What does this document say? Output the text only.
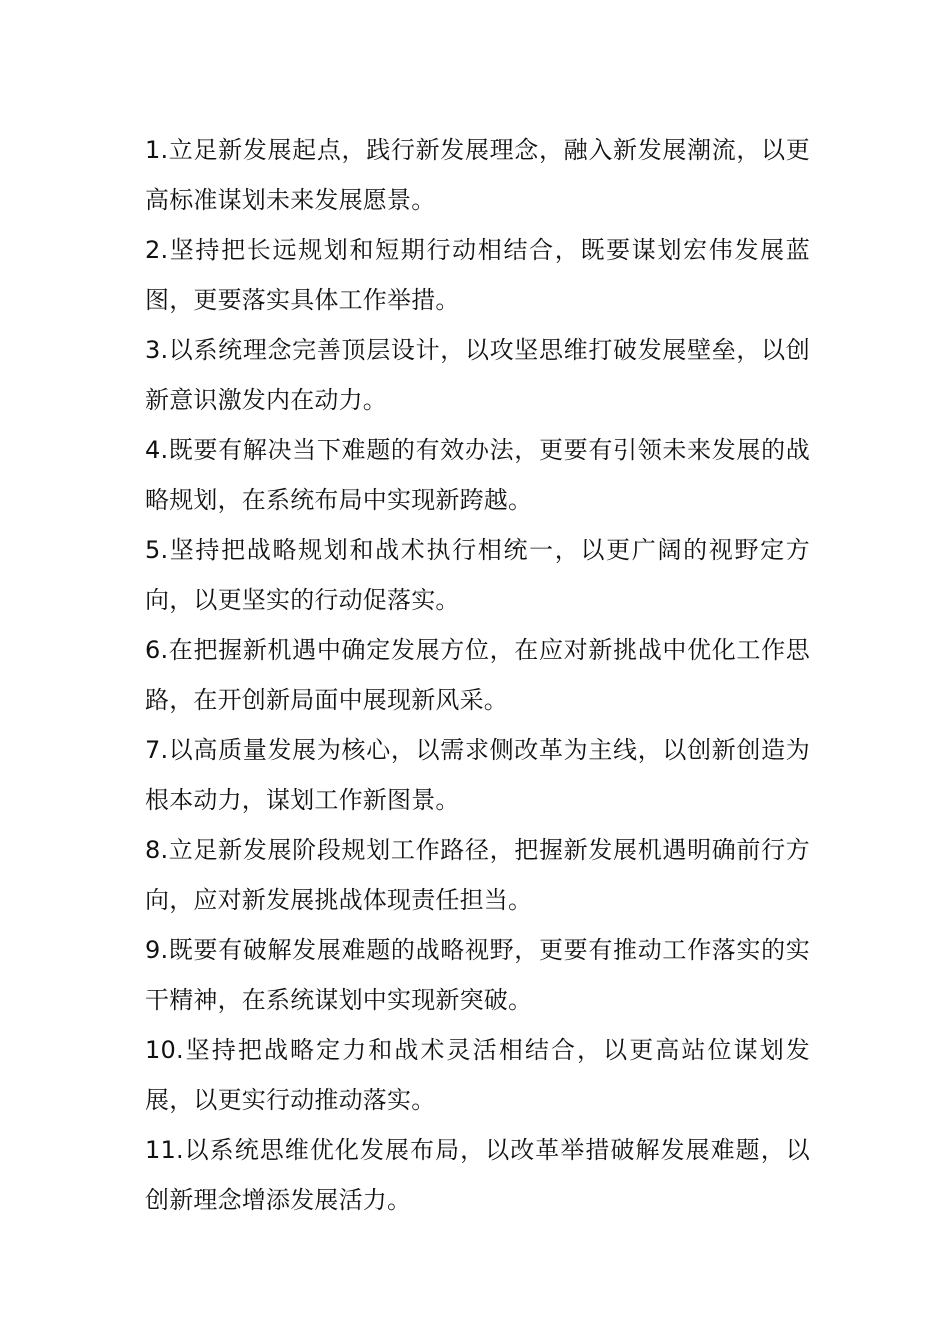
1.立足新发展起点，践行新发展理念，融入新发展潮流，以更高标准谋划未来发展愿景。

2.坚持把长远规划和短期行动相结合，既要谋划宏伟发展蓝图，更要落实具体工作举措。

3.以系统理念完善顶层设计，以攻坚思维打破发展壁垒，以创新意识激发内在动力。

4.既要有解决当下难题的有效办法，更要有引领未来发展的战略规划，在系统布局中实现新跨越。

5.坚持把战略规划和战术执行相统一，以更广阔的视野定方向，以更坚实的行动促落实。

6.在把握新机遇中确定发展方位，在应对新挑战中优化工作思路，在开创新局面中展现新风采。

7.以高质量发展为核心，以需求侧改革为主线，以创新创造为根本动力，谋划工作新图景。

8.立足新发展阶段规划工作路径，把握新发展机遇明确前行方向，应对新发展挑战体现责任担当。

9.既要有破解发展难题的战略视野，更要有推动工作落实的实干精神，在系统谋划中实现新突破。

10.坚持把战略定力和战术灵活相结合，以更高站位谋划发展，以更实行动推动落实。

11.以系统思维优化发展布局，以改革举措破解发展难题，以创新理念增添发展活力。
